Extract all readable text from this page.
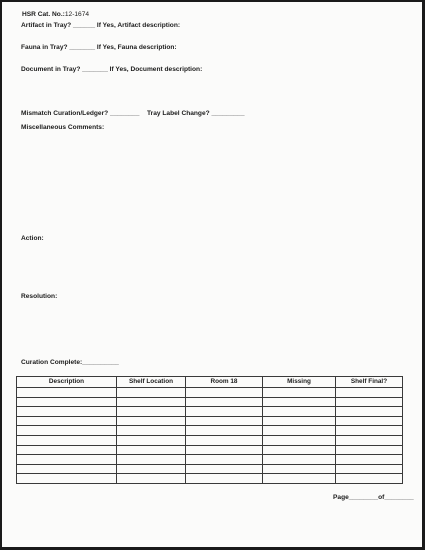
HSR Cat. No.:12-1674
Artifact in Tray? ______ If Yes, Artifact description:
Fauna in Tray? _______ If Yes, Fauna description:
Document in Tray? _______ If Yes, Document description:
Mismatch Curation/Ledger? ________ Tray Label Change? _________
Miscellaneous Comments:
Action:
Resolution:
Curation Complete:__________
Description	Shelf Location	Room 18	Missing	Shelf Final?

Page________of________
